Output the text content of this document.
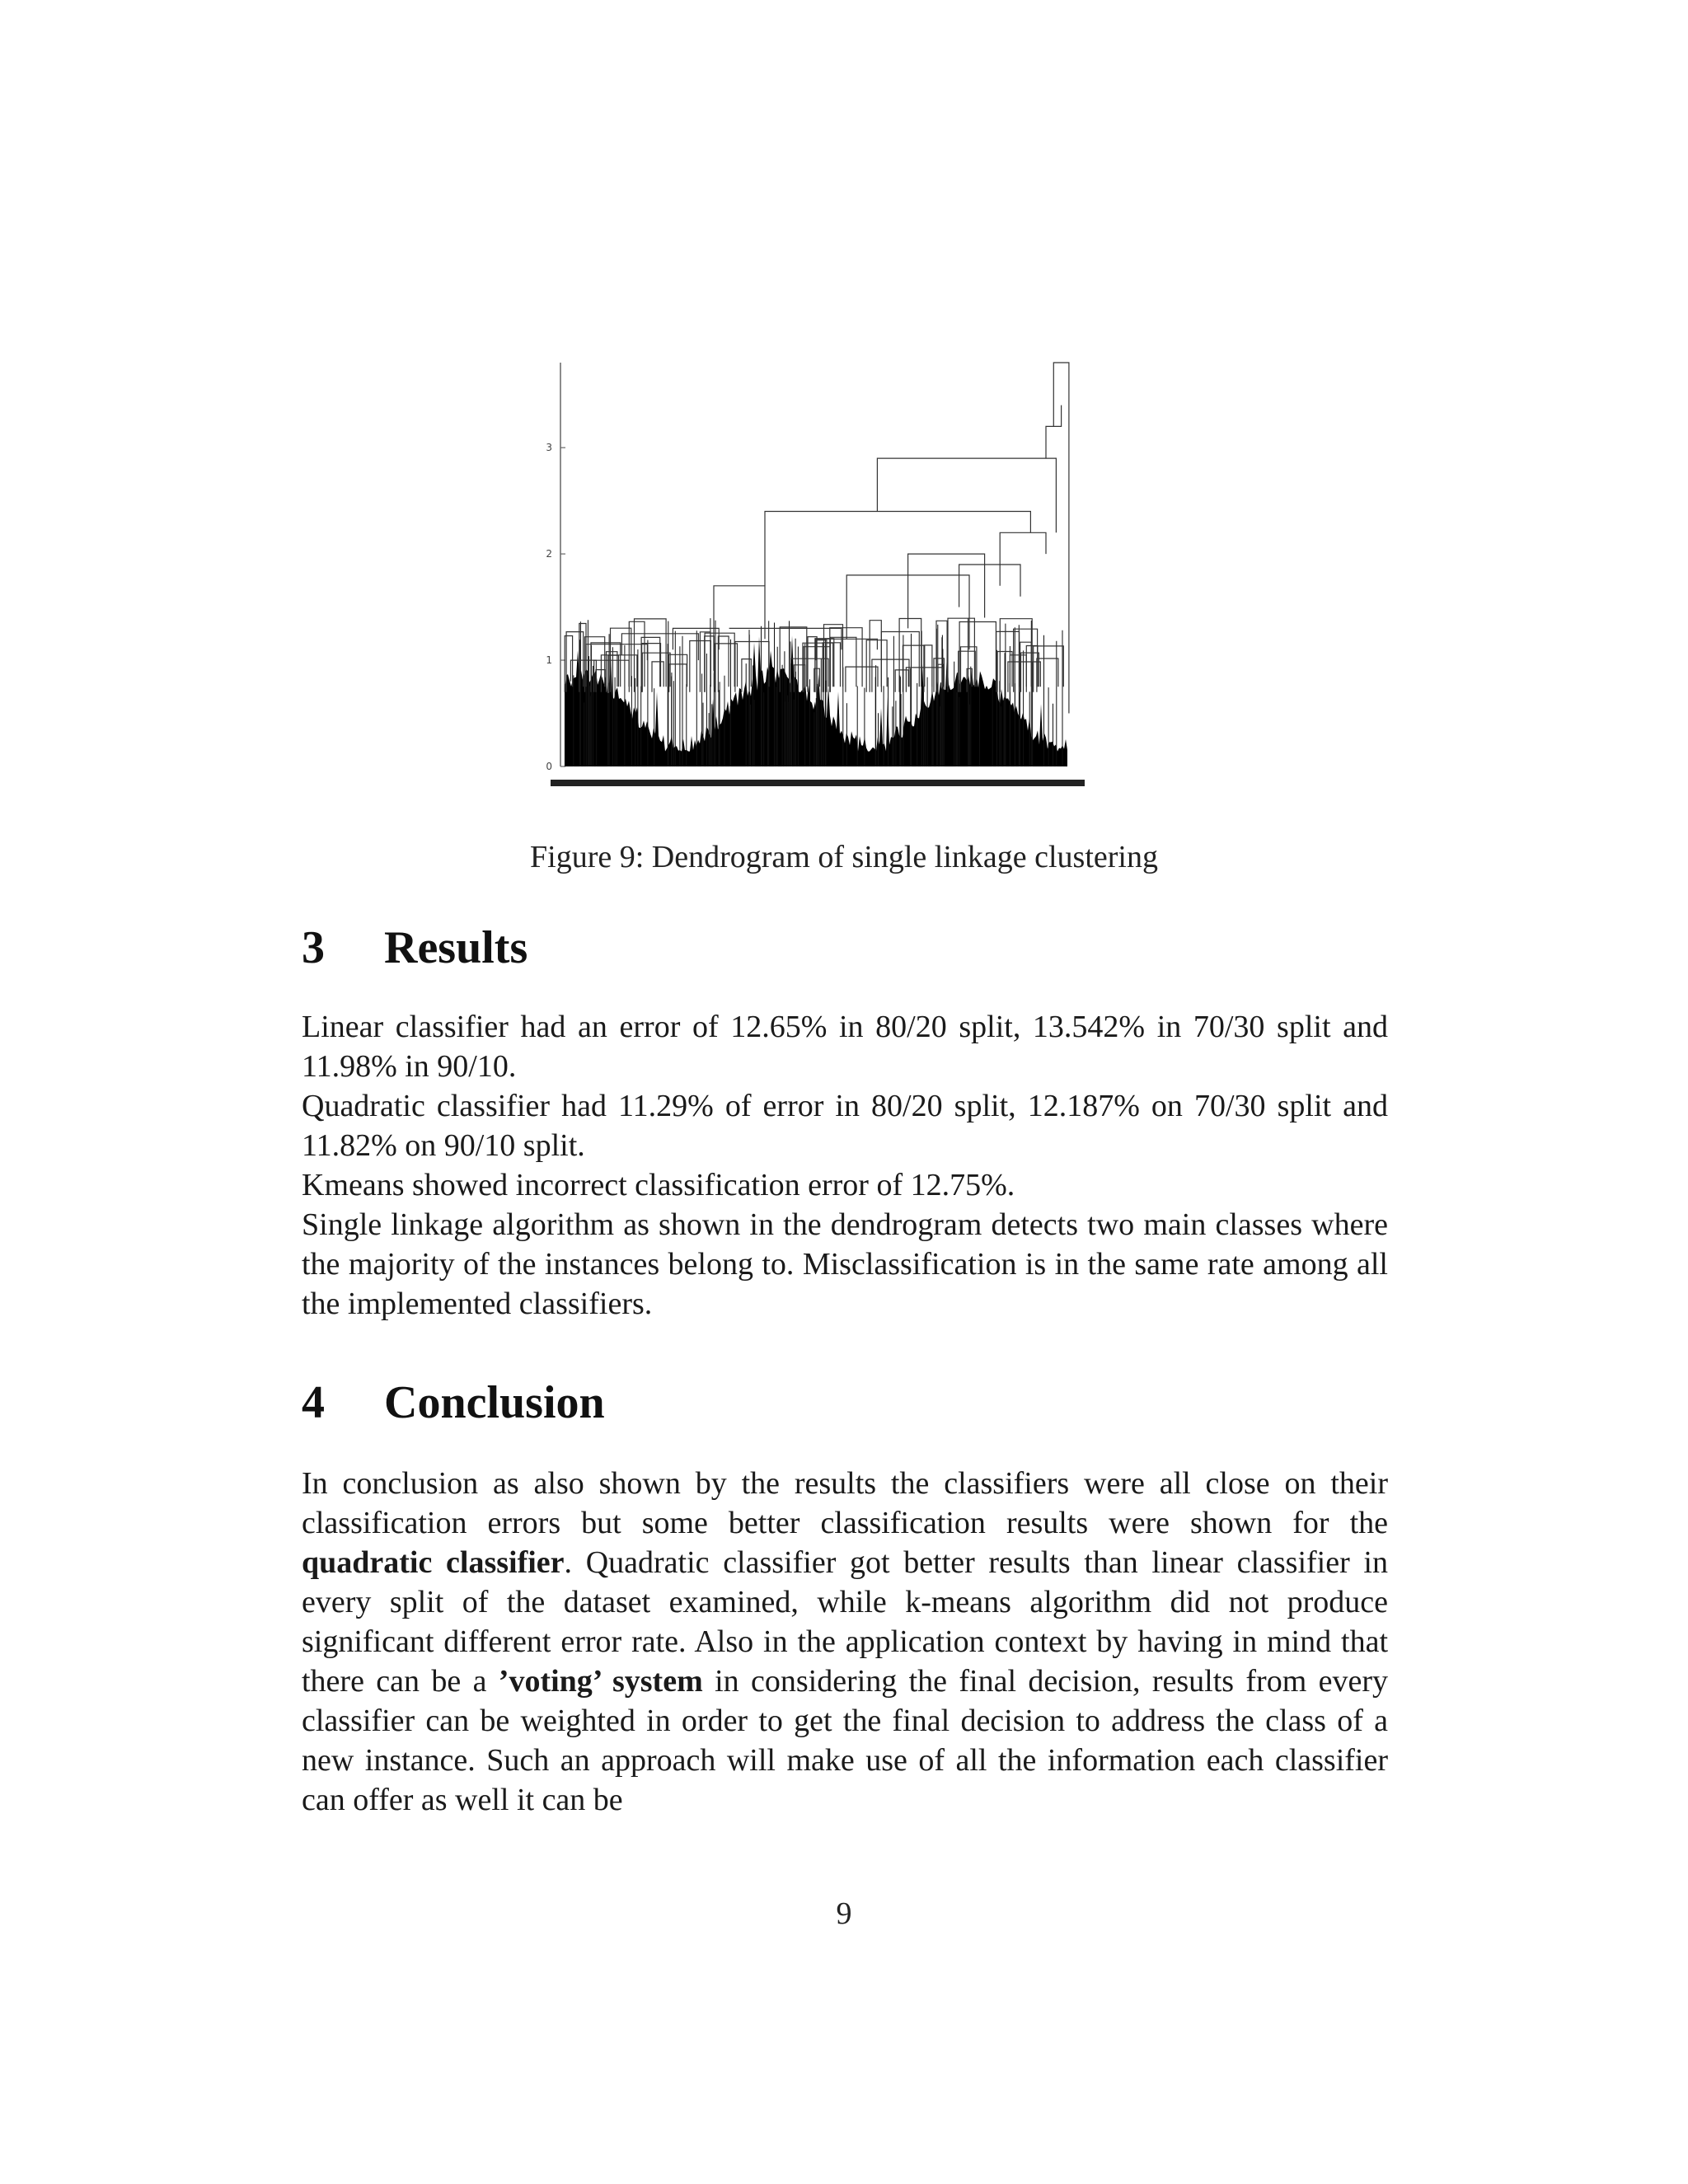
0
1
2
3
Figure 9: Dendrogram of single linkage clustering
3 Results

Linear classifier had an error of 12.65% in 80/20 split, 13.542% in 70/30 split and 11.98% in 90/10.

Quadratic classifier had 11.29% of error in 80/20 split, 12.187% on 70/30 split and 11.82% on 90/10 split.

Kmeans showed incorrect classification error of 12.75%.

Single linkage algorithm as shown in the dendrogram detects two main classes where the majority of the instances belong to. Misclassification is in the same rate among all the implemented classifiers.

4 Conclusion

In conclusion as also shown by the results the classifiers were all close on their classification errors but some better classification results were shown for the quadratic classifier. Quadratic classifier got better results than linear classifier in every split of the dataset examined, while k-means algorithm did not produce significant different error rate. Also in the application context by having in mind that there can be a ’voting’ system in considering the final decision, results from every classifier can be weighted in order to get the final decision to address the class of a new instance. Such an approach will make use of all the information each classifier can offer as well it can be

9
